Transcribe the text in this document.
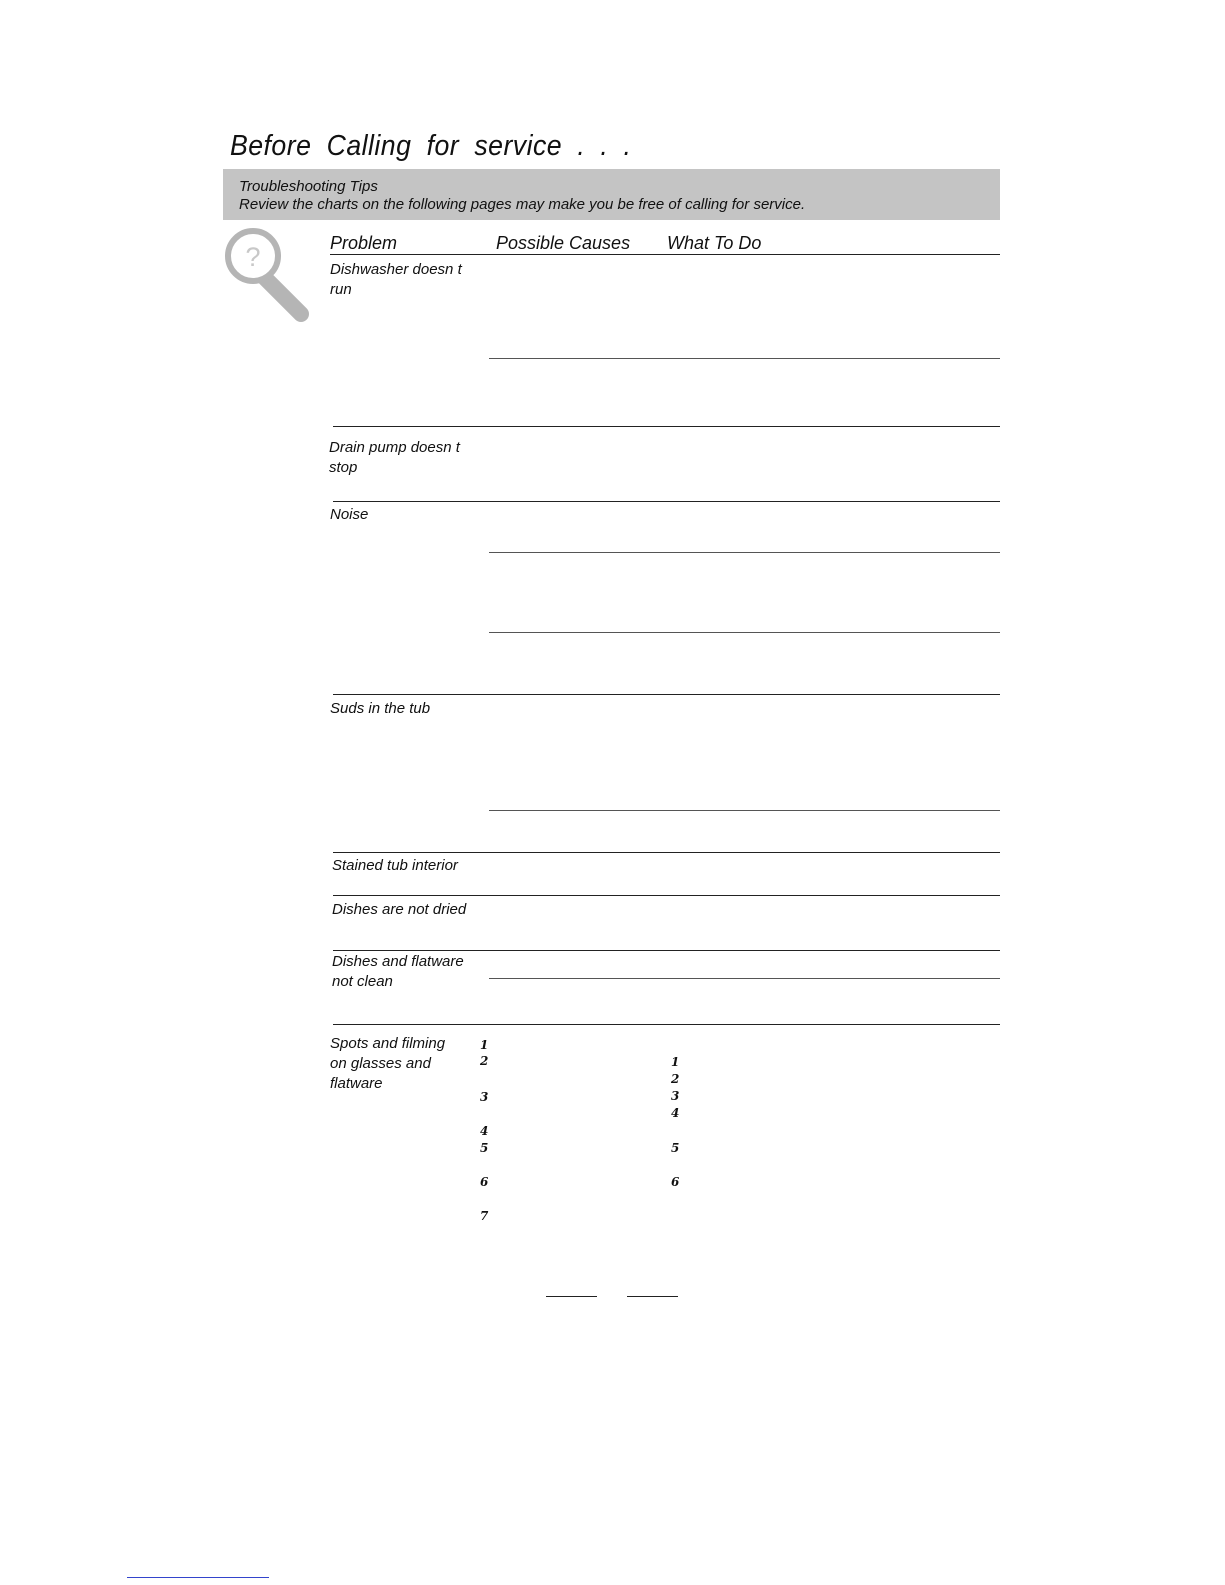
Before Calling for service . . .
Troubleshooting Tips
Review the charts on the following pages may make you be free of calling for service.
?	Problem	Possible Causes What To Do
Dishwasher doesn t
run
Drain pump doesn t
stop
Noise
Suds in the tub
Stained tub interior
Dishes are not dried
Dishes and flatware
not clean
Spots and filming
on glasses and
flatware
1
2
3
4
5
6
7
1
2
3
4
5
6
